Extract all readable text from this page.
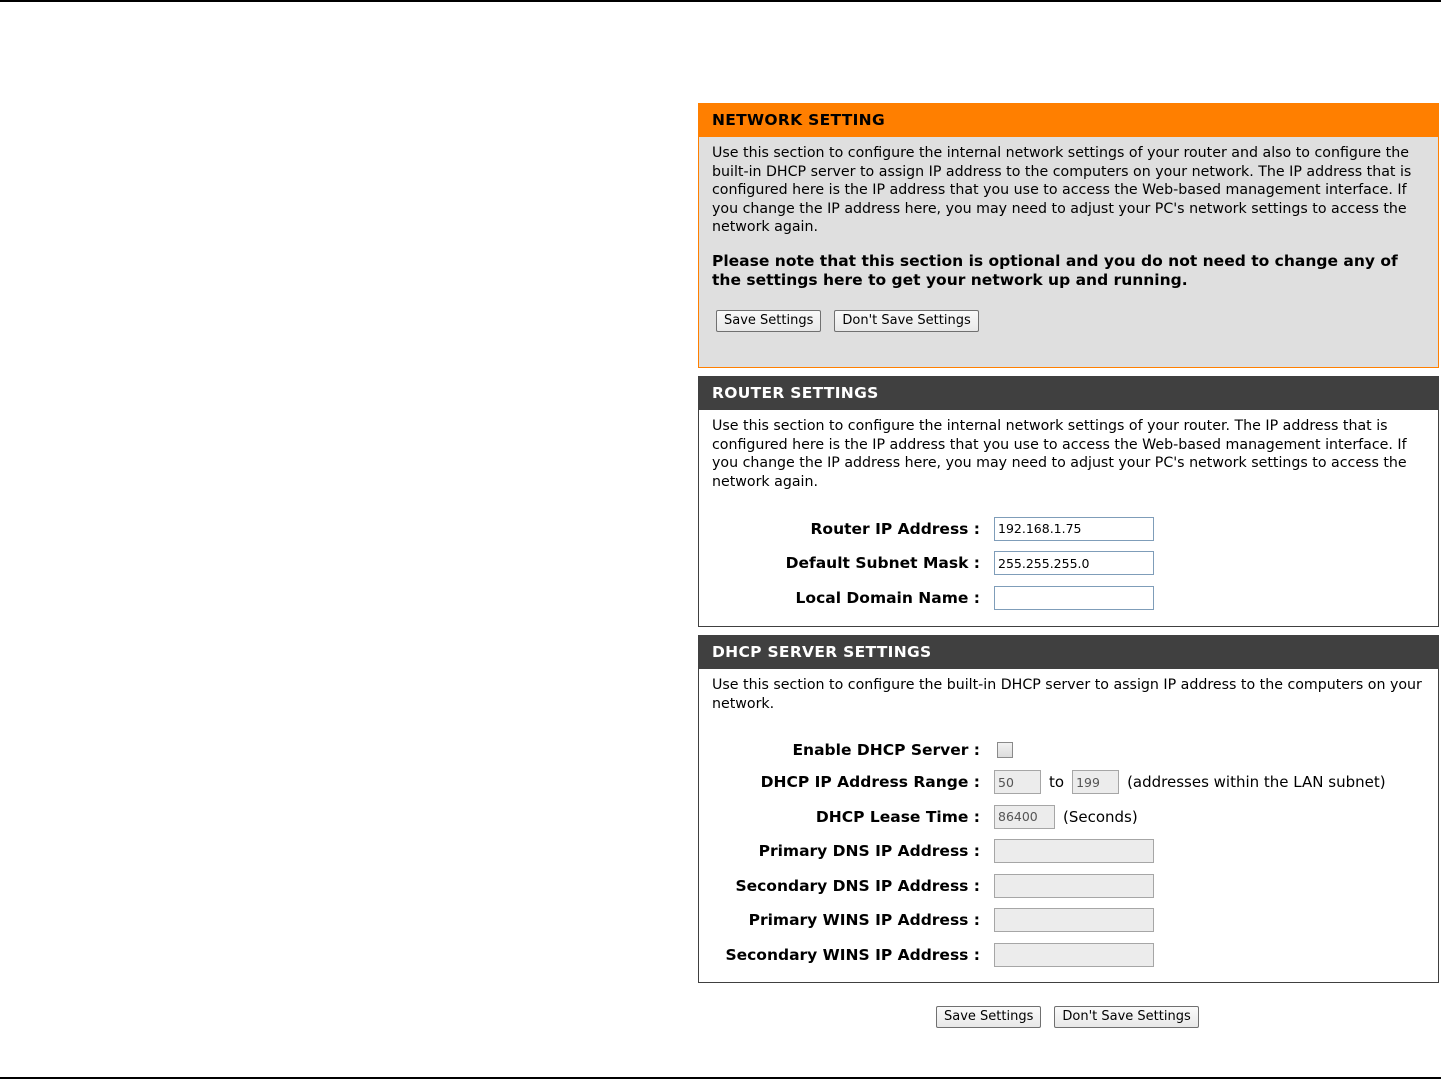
NETWORK SETTING
Use this section to configure the internal network settings of your router and also to configure the built-in DHCP server to assign IP address to the computers on your network. The IP address that is configured here is the IP address that you use to access the Web-based management interface. If you change the IP address here, you may need to adjust your PC's network settings to access the network again.
Please note that this section is optional and you do not need to change any of the settings here to get your network up and running.
Save Settings	Don't Save Settings
ROUTER SETTINGS
Use this section to configure the internal network settings of your router. The IP address that is configured here is the IP address that you use to access the Web-based management interface. If you change the IP address here, you may need to adjust your PC's network settings to access the network again.
Router IP Address :
192.168.1.75
Default Subnet Mask :
255.255.255.0
Local Domain Name :
DHCP SERVER SETTINGS
Use this section to configure the built-in DHCP server to assign IP address to the computers on your network.
Enable DHCP Server :
DHCP IP Address Range :
50	to
199	(addresses within the LAN subnet)
DHCP Lease Time :
86400	(Seconds)
Primary DNS IP Address :
Secondary DNS IP Address :
Primary WINS IP Address :
Secondary WINS IP Address :
Save Settings	Don't Save Settings
